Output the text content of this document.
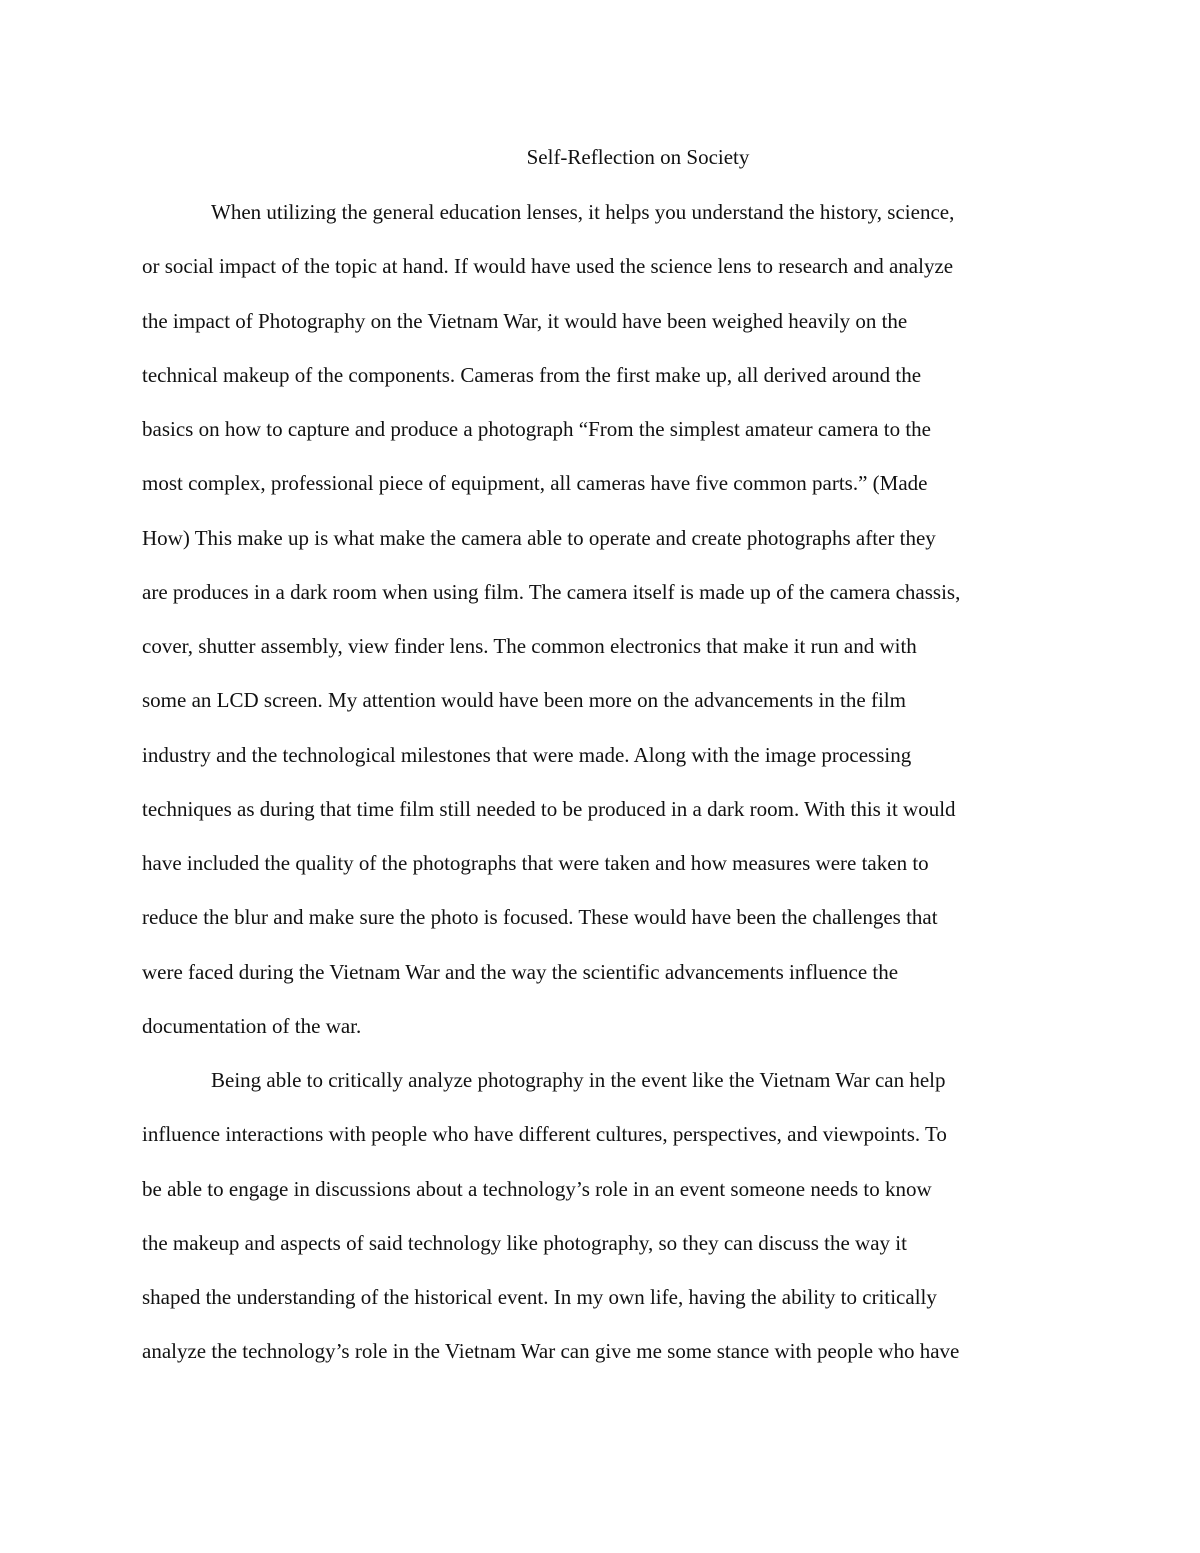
Self-Reflection on Society
When utilizing the general education lenses, it helps you understand the history, science,
or social impact of the topic at hand. If would have used the science lens to research and analyze
the impact of Photography on the Vietnam War, it would have been weighed heavily on the
technical makeup of the components. Cameras from the first make up, all derived around the
basics on how to capture and produce a photograph “From the simplest amateur camera to the
most complex, professional piece of equipment, all cameras have five common parts.” (Made
How) This make up is what make the camera able to operate and create photographs after they
are produces in a dark room when using film. The camera itself is made up of the camera chassis,
cover, shutter assembly, view finder lens. The common electronics that make it run and with
some an LCD screen. My attention would have been more on the advancements in the film
industry and the technological milestones that were made. Along with the image processing
techniques as during that time film still needed to be produced in a dark room. With this it would
have included the quality of the photographs that were taken and how measures were taken to
reduce the blur and make sure the photo is focused. These would have been the challenges that
were faced during the Vietnam War and the way the scientific advancements influence the
documentation of the war.
Being able to critically analyze photography in the event like the Vietnam War can help
influence interactions with people who have different cultures, perspectives, and viewpoints. To
be able to engage in discussions about a technology’s role in an event someone needs to know
the makeup and aspects of said technology like photography, so they can discuss the way it
shaped the understanding of the historical event. In my own life, having the ability to critically
analyze the technology’s role in the Vietnam War can give me some stance with people who have
